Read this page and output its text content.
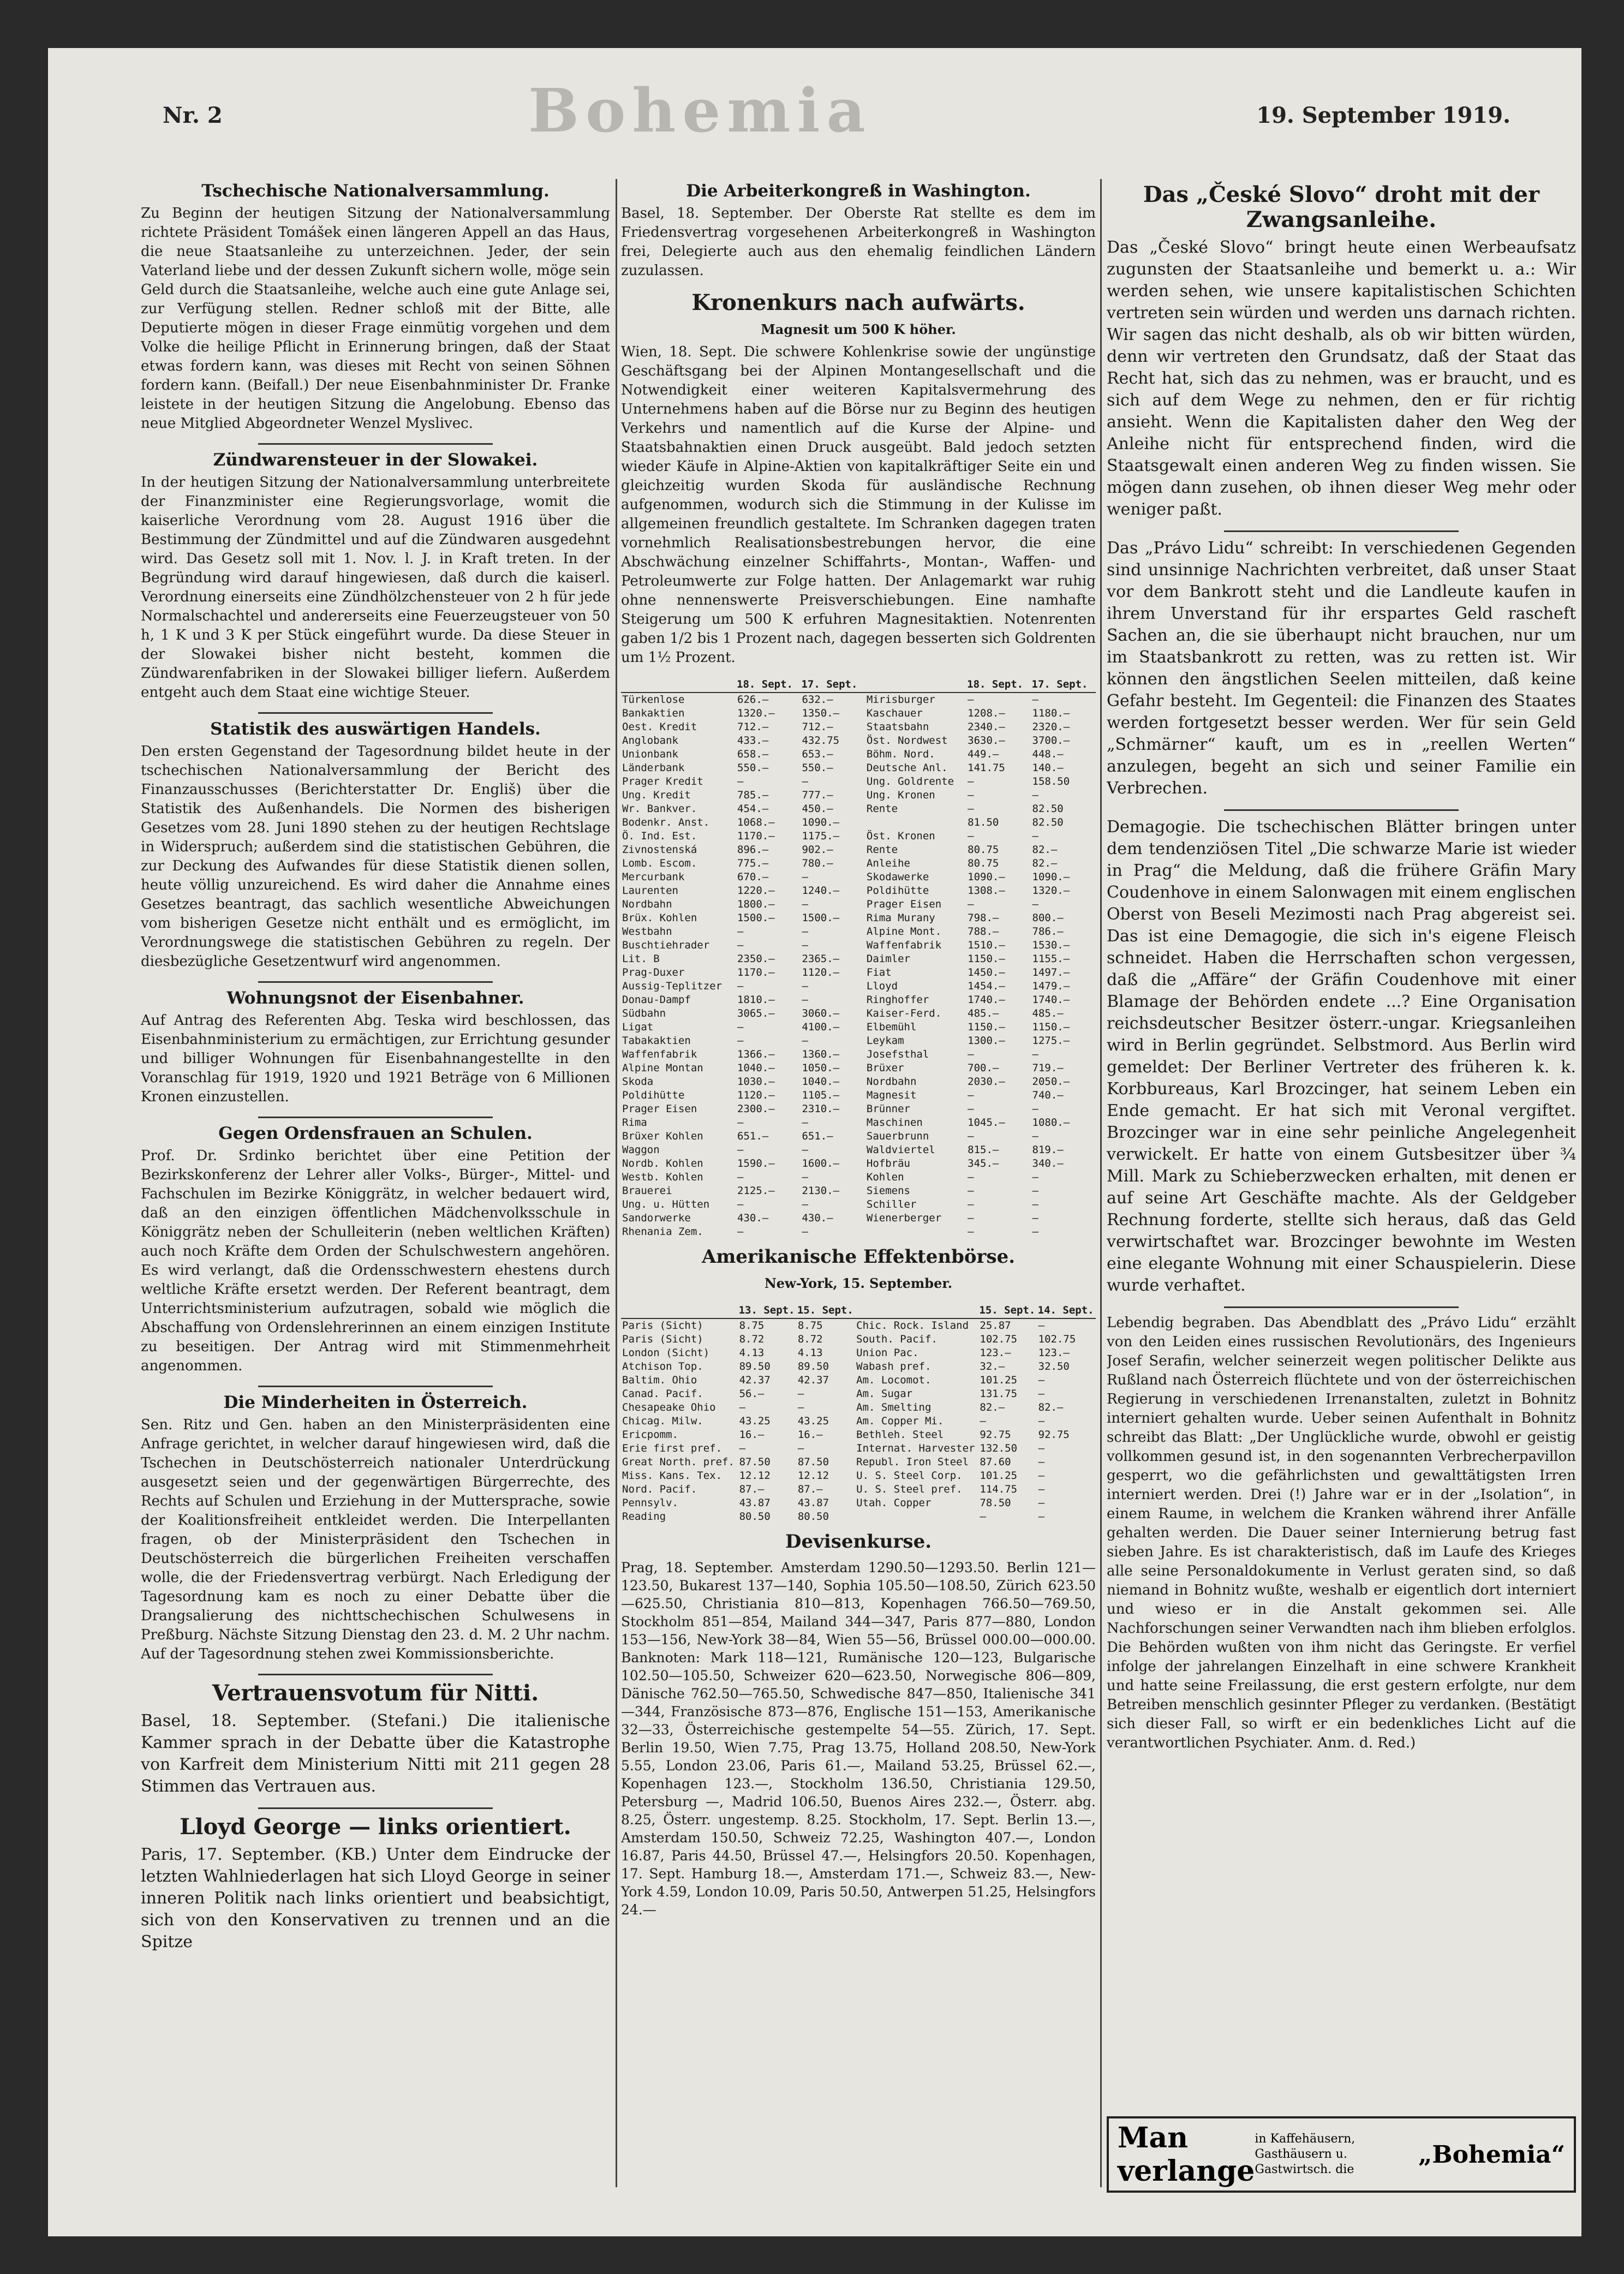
Nr. 2	Bohemia	19. September 1919.
Tschechische Nationalversammlung.

Zu Beginn der heutigen Sitzung der Nationalversammlung richtete Präsident Tomášek einen längeren Appell an das Haus, die neue Staatsanleihe zu unterzeichnen. Jeder, der sein Vaterland liebe und der dessen Zukunft sichern wolle, möge sein Geld durch die Staatsanleihe, welche auch eine gute Anlage sei, zur Verfügung stellen. Redner schloß mit der Bitte, alle Deputierte mögen in dieser Frage einmütig vorgehen und dem Volke die heilige Pflicht in Erinnerung bringen, daß der Staat etwas fordern kann, was dieses mit Recht von seinen Söhnen fordern kann. (Beifall.) Der neue Eisenbahnminister Dr. Franke leistete in der heutigen Sitzung die Angelobung. Ebenso das neue Mitglied Abgeordneter Wenzel Myslivec.

Zündwarensteuer in der Slowakei.

In der heutigen Sitzung der Nationalversammlung unterbreitete der Finanzminister eine Regierungsvorlage, womit die kaiserliche Verordnung vom 28. August 1916 über die Bestimmung der Zündmittel und auf die Zündwaren ausgedehnt wird. Das Gesetz soll mit 1. Nov. l. J. in Kraft treten. In der Begründung wird darauf hingewiesen, daß durch die kaiserl. Verordnung einerseits eine Zündhölzchensteuer von 2 h für jede Normalschachtel und andererseits eine Feuerzeugsteuer von 50 h, 1 K und 3 K per Stück eingeführt wurde. Da diese Steuer in der Slowakei bisher nicht besteht, kommen die Zündwarenfabriken in der Slowakei billiger liefern. Außerdem entgeht auch dem Staat eine wichtige Steuer.

Statistik des auswärtigen Handels.

Den ersten Gegenstand der Tagesordnung bildet heute in der tschechischen Nationalversammlung der Bericht des Finanzausschusses (Berichterstatter Dr. Engliš) über die Statistik des Außenhandels. Die Normen des bisherigen Gesetzes vom 28. Juni 1890 stehen zu der heutigen Rechtslage in Widerspruch; außerdem sind die statistischen Gebühren, die zur Deckung des Aufwandes für diese Statistik dienen sollen, heute völlig unzureichend. Es wird daher die Annahme eines Gesetzes beantragt, das sachlich wesentliche Abweichungen vom bisherigen Gesetze nicht enthält und es ermöglicht, im Verordnungswege die statistischen Gebühren zu regeln. Der diesbezügliche Gesetzentwurf wird angenommen.

Wohnungsnot der Eisenbahner.

Auf Antrag des Referenten Abg. Teska wird beschlossen, das Eisenbahnministerium zu ermächtigen, zur Errichtung gesunder und billiger Wohnungen für Eisenbahnangestellte in den Voranschlag für 1919, 1920 und 1921 Beträge von 6 Millionen Kronen einzustellen.

Gegen Ordensfrauen an Schulen.

Prof. Dr. Srdinko berichtet über eine Petition der Bezirkskonferenz der Lehrer aller Volks-, Bürger-, Mittel- und Fachschulen im Bezirke Königgrätz, in welcher bedauert wird, daß an den einzigen öffentlichen Mädchenvolksschule in Königgrätz neben der Schulleiterin (neben weltlichen Kräften) auch noch Kräfte dem Orden der Schulschwestern angehören. Es wird verlangt, daß die Ordensschwestern ehestens durch weltliche Kräfte ersetzt werden. Der Referent beantragt, dem Unterrichtsministerium aufzutragen, sobald wie möglich die Abschaffung von Ordenslehrerinnen an einem einzigen Institute zu beseitigen. Der Antrag wird mit Stimmenmehrheit angenommen.

Die Minderheiten in Österreich.

Sen. Ritz und Gen. haben an den Ministerpräsidenten eine Anfrage gerichtet, in welcher darauf hingewiesen wird, daß die Tschechen in Deutschösterreich nationaler Unterdrückung ausgesetzt seien und der gegenwärtigen Bürgerrechte, des Rechts auf Schulen und Erziehung in der Muttersprache, sowie der Koalitionsfreiheit entkleidet werden. Die Interpellanten fragen, ob der Ministerpräsident den Tschechen in Deutschösterreich die bürgerlichen Freiheiten verschaffen wolle, die der Friedensvertrag verbürgt. Nach Erledigung der Tagesordnung kam es noch zu einer Debatte über die Drangsalierung des nichttschechischen Schulwesens in Preßburg. Nächste Sitzung Dienstag den 23. d. M. 2 Uhr nachm. Auf der Tagesordnung stehen zwei Kommissionsberichte.

Vertrauensvotum für Nitti.

Basel, 18. September. (Stefani.) Die italienische Kammer sprach in der Debatte über die Katastrophe von Karfreit dem Ministerium Nitti mit 211 gegen 28 Stimmen das Vertrauen aus.

Lloyd George — links orientiert.

Paris, 17. September. (KB.) Unter dem Eindrucke der letzten Wahlniederlagen hat sich Lloyd George in seiner inneren Politik nach links orientiert und beabsichtigt, sich von den Konservativen zu trennen und an die Spitze

Die Arbeiterkongreß in Washington.

Basel, 18. September. Der Oberste Rat stellte es dem im Friedensvertrag vorgesehenen Arbeiterkongreß in Washington frei, Delegierte auch aus den ehemalig feindlichen Ländern zuzulassen.

Kronenkurs nach aufwärts.
Magnesit um 500 K höher.

Wien, 18. Sept. Die schwere Kohlenkrise sowie der ungünstige Geschäftsgang bei der Alpinen Montangesellschaft und die Notwendigkeit einer weiteren Kapitalsvermehrung des Unternehmens haben auf die Börse nur zu Beginn des heutigen Verkehrs und namentlich auf die Kurse der Alpine- und Staatsbahnaktien einen Druck ausgeübt. Bald jedoch setzten wieder Käufe in Alpine-Aktien von kapitalkräftiger Seite ein und gleichzeitig wurden Skoda für ausländische Rechnung aufgenommen, wodurch sich die Stimmung in der Kulisse im allgemeinen freundlich gestaltete. Im Schranken dagegen traten vornehmlich Realisationsbestrebungen hervor, die eine Abschwächung einzelner Schiffahrts-, Montan-, Waffen- und Petroleumwerte zur Folge hatten. Der Anlagemarkt war ruhig ohne nennenswerte Preisverschiebungen. Eine namhafte Steigerung um 500 K erfuhren Magnesitaktien. Notenrenten gaben 1/2 bis 1 Prozent nach, dagegen besserten sich Goldrenten um 1½ Prozent.

	18. Sept.	17. Sept.		18. Sept.	17. Sept.
Türkenlose	626.—	632.—	Mirisburger	—	—
Bankaktien	1320.—	1350.—	Kaschauer	1208.—	1180.—
Oest. Kredit	712.—	712.—	Staatsbahn	2340.—	2320.—
Anglobank	433.—	432.75	Öst. Nordwest	3630.—	3700.—
Unionbank	658.—	653.—	Böhm. Nord.	449.—	448.—
Länderbank	550.—	550.—	Deutsche Anl.	141.75	140.—
Prager Kredit	—	—	Ung. Goldrente	—	158.50
Ung. Kredit	785.—	777.—	Ung. Kronen	—	—
Wr. Bankver.	454.—	450.—	Rente	—	82.50
Bodenkr. Anst.	1068.—	1090.—		81.50	82.50
Ö. Ind. Est.	1170.—	1175.—	Öst. Kronen	—	—
Zivnostenská	896.—	902.—	Rente	80.75	82.—
Lomb. Escom.	775.—	780.—	Anleihe	80.75	82.—
Mercurbank	670.—	—	Skodawerke	1090.—	1090.—
Laurenten	1220.—	1240.—	Poldihütte	1308.—	1320.—
Nordbahn	1800.—	—	Prager Eisen	—	—
Brüx. Kohlen	1500.—	1500.—	Rima Murany	798.—	800.—
Westbahn	—	—	Alpine Mont.	788.—	786.—
Buschtiehrader	—	—	Waffenfabrik	1510.—	1530.—
Lit. B	2350.—	2365.—	Daimler	1150.—	1155.—
Prag-Duxer	1170.—	1120.—	Fiat	1450.—	1497.—
Aussig-Teplitzer	—	—	Lloyd	1454.—	1479.—
Donau-Dampf	1810.—	—	Ringhoffer	1740.—	1740.—
Südbahn	3065.—	3060.—	Kaiser-Ferd.	485.—	485.—
Ligat	—	4100.—	Elbemühl	1150.—	1150.—
Tabakaktien	—	—	Leykam	1300.—	1275.—
Waffenfabrik	1366.—	1360.—	Josefsthal	—	—
Alpine Montan	1040.—	1050.—	Brüxer	700.—	719.—
Skoda	1030.—	1040.—	Nordbahn	2030.—	2050.—
Poldihütte	1120.—	1105.—	Magnesit	—	740.—
Prager Eisen	2300.—	2310.—	Brünner	—	—
Rima	—	—	Maschinen	1045.—	1080.—
Brüxer Kohlen	651.—	651.—	Sauerbrunn	—	—
Waggon	—	—	Waldviertel	815.—	819.—
Nordb. Kohlen	1590.—	1600.—	Hofbräu	345.—	340.—
Westb. Kohlen	—	—	Kohlen	—	—
Brauerei	2125.—	2130.—	Siemens	—	—
Ung. u. Hütten	—	—	Schiller	—	—
Sandorwerke	430.—	430.—	Wienerberger	—	—
Rhenania Zem.	—	—		—	—
Amerikanische Effektenbörse.
New-York, 15. September.
	13. Sept.	15. Sept.		15. Sept.	14. Sept.
Paris (Sicht)	8.75	8.75	Chic. Rock. Island	25.87	—
Paris (Sicht)	8.72	8.72	South. Pacif.	102.75	102.75
London (Sicht)	4.13	4.13	Union Pac.	123.—	123.—
Atchison Top.	89.50	89.50	Wabash pref.	32.—	32.50
Baltim. Ohio	42.37	42.37	Am. Locomot.	101.25	—
Canad. Pacif.	56.—	—	Am. Sugar	131.75	—
Chesapeake Ohio	—	—	Am. Smelting	82.—	82.—
Chicag. Milw.	43.25	43.25	Am. Copper Mi.	—	—
Ericpomm.	16.—	16.—	Bethleh. Steel	92.75	92.75
Erie first pref.	—	—	Internat. Harvester	132.50	—
Great North. pref.	87.50	87.50	Republ. Iron Steel	87.60	—
Miss. Kans. Tex.	12.12	12.12	U. S. Steel Corp.	101.25	—
Nord. Pacif.	87.—	87.—	U. S. Steel pref.	114.75	—
Pennsylv.	43.87	43.87	Utah. Copper	78.50	—
Reading	80.50	80.50		—	—
Devisenkurse.

Prag, 18. September. Amsterdam 1290.50—1293.50. Berlin 121—123.50, Bukarest 137—140, Sophia 105.50—108.50, Zürich 623.50—625.50, Christiania 810—813, Kopenhagen 766.50—769.50, Stockholm 851—854, Mailand 344—347, Paris 877—880, London 153—156, New-York 38—84, Wien 55—56, Brüssel 000.00—000.00. Banknoten: Mark 118—121, Rumänische 120—123, Bulgarische 102.50—105.50, Schweizer 620—623.50, Norwegische 806—809, Dänische 762.50—765.50, Schwedische 847—850, Italienische 341—344, Französische 873—876, Englische 151—153, Amerikanische 32—33, Österreichische gestempelte 54—55. Zürich, 17. Sept. Berlin 19.50, Wien 7.75, Prag 13.75, Holland 208.50, New-York 5.55, London 23.06, Paris 61.—, Mailand 53.25, Brüssel 62.—, Kopenhagen 123.—, Stockholm 136.50, Christiania 129.50, Petersburg —, Madrid 106.50, Buenos Aires 232.—, Österr. abg. 8.25, Österr. ungestemp. 8.25. Stockholm, 17. Sept. Berlin 13.—, Amsterdam 150.50, Schweiz 72.25, Washington 407.—, London 16.87, Paris 44.50, Brüssel 47.—, Helsingfors 20.50. Kopenhagen, 17. Sept. Hamburg 18.—, Amsterdam 171.—, Schweiz 83.—, New-York 4.59, London 10.09, Paris 50.50, Antwerpen 51.25, Helsingfors 24.—

Das „České Slovo“ droht mit der Zwangsanleihe.

Das „České Slovo“ bringt heute einen Werbeaufsatz zugunsten der Staatsanleihe und bemerkt u. a.: Wir werden sehen, wie unsere kapitalistischen Schichten vertreten sein würden und werden uns darnach richten. Wir sagen das nicht deshalb, als ob wir bitten würden, denn wir vertreten den Grundsatz, daß der Staat das Recht hat, sich das zu nehmen, was er braucht, und es sich auf dem Wege zu nehmen, den er für richtig ansieht. Wenn die Kapitalisten daher den Weg der Anleihe nicht für entsprechend finden, wird die Staatsgewalt einen anderen Weg zu finden wissen. Sie mögen dann zusehen, ob ihnen dieser Weg mehr oder weniger paßt.

Das „Právo Lidu“ schreibt: In verschiedenen Gegenden sind unsinnige Nachrichten verbreitet, daß unser Staat vor dem Bankrott steht und die Landleute kaufen in ihrem Unverstand für ihr erspartes Geld rascheft Sachen an, die sie überhaupt nicht brauchen, nur um im Staatsbankrott zu retten, was zu retten ist. Wir können den ängstlichen Seelen mitteilen, daß keine Gefahr besteht. Im Gegenteil: die Finanzen des Staates werden fortgesetzt besser werden. Wer für sein Geld „Schmärner“ kauft, um es in „reellen Werten“ anzulegen, begeht an sich und seiner Familie ein Verbrechen.

Demagogie. Die tschechischen Blätter bringen unter dem tendenziösen Titel „Die schwarze Marie ist wieder in Prag“ die Meldung, daß die frühere Gräfin Mary Coudenhove in einem Salonwagen mit einem englischen Oberst von Beseli Mezimosti nach Prag abgereist sei. Das ist eine Demagogie, die sich in's eigene Fleisch schneidet. Haben die Herrschaften schon vergessen, daß die „Affäre“ der Gräfin Coudenhove mit einer Blamage der Behörden endete ...? Eine Organisation reichsdeutscher Besitzer österr.-ungar. Kriegsanleihen wird in Berlin gegründet. Selbstmord. Aus Berlin wird gemeldet: Der Berliner Vertreter des früheren k. k. Korbbureaus, Karl Brozcinger, hat seinem Leben ein Ende gemacht. Er hat sich mit Veronal vergiftet. Brozcinger war in eine sehr peinliche Angelegenheit verwickelt. Er hatte von einem Gutsbesitzer über ¾ Mill. Mark zu Schieberzwecken erhalten, mit denen er auf seine Art Geschäfte machte. Als der Geldgeber Rechnung forderte, stellte sich heraus, daß das Geld verwirtschaftet war. Brozcinger bewohnte im Westen eine elegante Wohnung mit einer Schauspielerin. Diese wurde verhaftet.

Lebendig begraben. Das Abendblatt des „Právo Lidu“ erzählt von den Leiden eines russischen Revolutionärs, des Ingenieurs Josef Serafin, welcher seinerzeit wegen politischer Delikte aus Rußland nach Österreich flüchtete und von der österreichischen Regierung in verschiedenen Irrenanstalten, zuletzt in Bohnitz interniert gehalten wurde. Ueber seinen Aufenthalt in Bohnitz schreibt das Blatt: „Der Unglückliche wurde, obwohl er geistig vollkommen gesund ist, in den sogenannten Verbrecherpavillon gesperrt, wo die gefährlichsten und gewalttätigsten Irren interniert werden. Drei (!) Jahre war er in der „Isolation“, in einem Raume, in welchem die Kranken während ihrer Anfälle gehalten werden. Die Dauer seiner Internierung betrug fast sieben Jahre. Es ist charakteristisch, daß im Laufe des Krieges alle seine Personaldokumente in Verlust geraten sind, so daß niemand in Bohnitz wußte, weshalb er eigentlich dort interniert und wieso er in die Anstalt gekommen sei. Alle Nachforschungen seiner Verwandten nach ihm blieben erfolglos. Die Behörden wußten von ihm nicht das Geringste. Er verfiel infolge der jahrelangen Einzelhaft in eine schwere Krankheit und hatte seine Freilassung, die erst gestern erfolgte, nur dem Betreiben menschlich gesinnter Pfleger zu verdanken. (Bestätigt sich dieser Fall, so wirft er ein bedenkliches Licht auf die verantwortlichen Psychiater. Anm. d. Red.)

Man verlange
in Kaffehäusern, Gasthäusern u. Gastwirtsch. die
„Bohemia“
